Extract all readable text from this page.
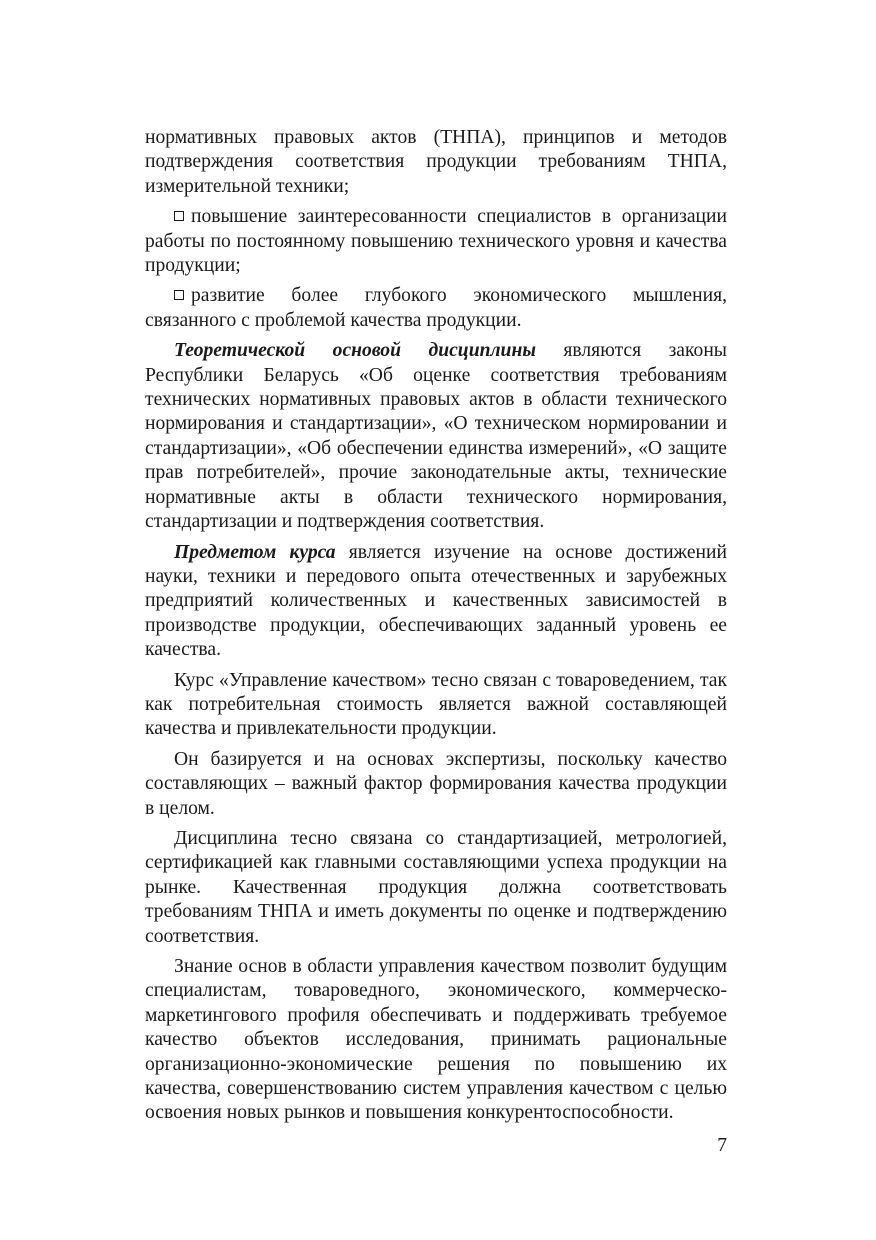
нормативных правовых актов (ТНПА), принципов и методов подтверждения соответствия продукции требованиям ТНПА, измерительной техники;

повышение заинтересованности специалистов в организации работы по постоянному повышению технического уровня и качества продукции;

развитие более глубокого экономического мышления, связанного с проблемой качества продукции.

Теоретической основой дисциплины являются законы Республики Беларусь «Об оценке соответствия требованиям технических нормативных правовых актов в области технического нормирования и стандартизации», «О техническом нормировании и стандартизации», «Об обеспечении единства измерений», «О защите прав потребителей», прочие законодательные акты, технические нормативные акты в области технического нормирования, стандартизации и подтверждения соответствия.

Предметом курса является изучение на основе достижений науки, техники и передового опыта отечественных и зарубежных предприятий количественных и качественных зависимостей в производстве продукции, обеспечивающих заданный уровень ее качества.

Курс «Управление качеством» тесно связан с товароведением, так как потребительная стоимость является важной составляющей качества и привлекательности продукции.

Он базируется и на основах экспертизы, поскольку качество составляющих – важный фактор формирования качества продукции в целом.

Дисциплина тесно связана со стандартизацией, метрологией, сертификацией как главными составляющими успеха продукции на рынке. Качественная продукция должна соответствовать требованиям ТНПА и иметь документы по оценке и подтверждению соответствия.

Знание основ в области управления качеством позволит будущим специалистам, товароведного, экономического, коммерческо-маркетингового профиля обеспечивать и поддерживать требуемое качество объектов исследования, принимать рациональные организационно-экономические решения по повышению их качества, совершенствованию систем управления качеством с целью освоения новых рынков и повышения конкурентоспособности.

7
